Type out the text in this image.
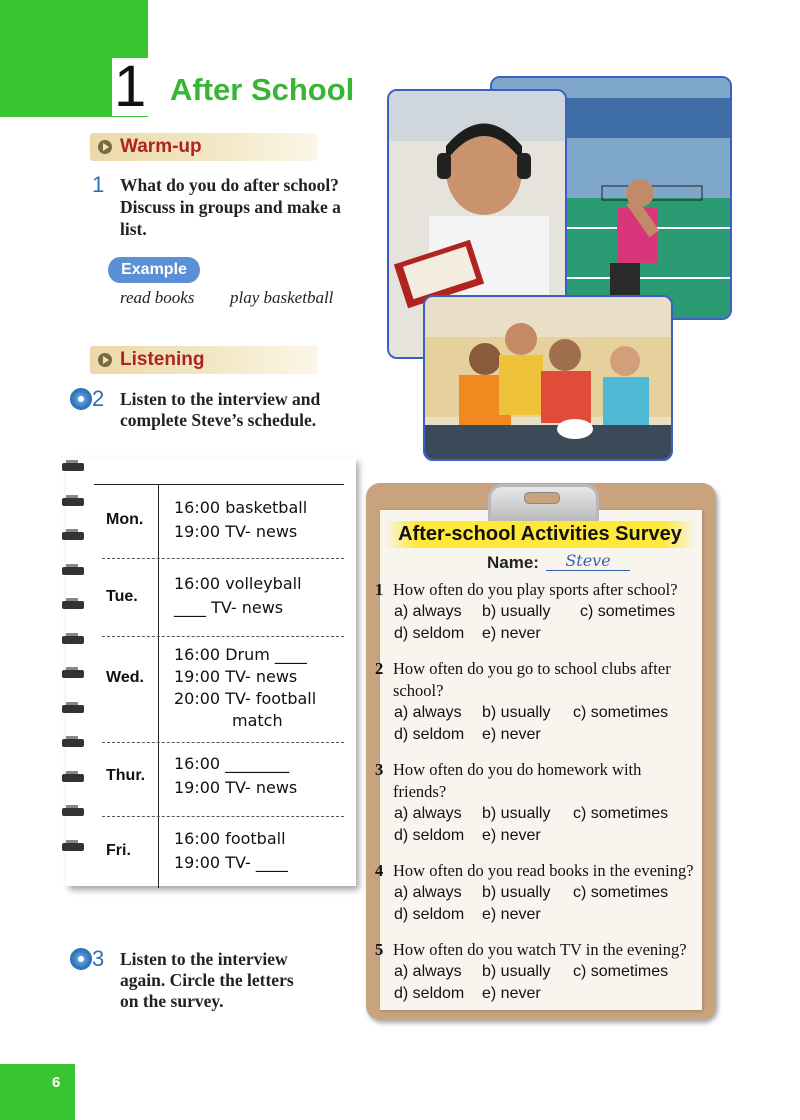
1 After School
Warm-up
1 What do you do after school?
Discuss in groups and make a
list.
Example
read books play basketball
Listening
2 Listen to the interview and
complete Steve’s schedule.
Mon.
16:00 basketball
19:00 TV- news
Tue.
16:00 volleyball
____ TV- news
Wed.
16:00 Drum ____
19:00 TV- news
20:00 TV- football
match
Thur.
16:00 ________
19:00 TV- news
Fri.
16:00 football
19:00 TV- ____
3 Listen to the interview
again. Circle the letters
on the survey.
After-school Activities Survey
Name:	Steve
1 How often do you play sports after school?
a) always b) usually c) sometimes
d) seldom e) never
2 How often do you go to school clubs after
school?
a) always b) usually c) sometimes
d) seldom e) never
3 How often do you do homework with
friends?
a) always b) usually c) sometimes
d) seldom e) never
4 How often do you read books in the evening?
a) always b) usually c) sometimes
d) seldom e) never
5 How often do you watch TV in the evening?
a) always b) usually c) sometimes
d) seldom e) never
6
